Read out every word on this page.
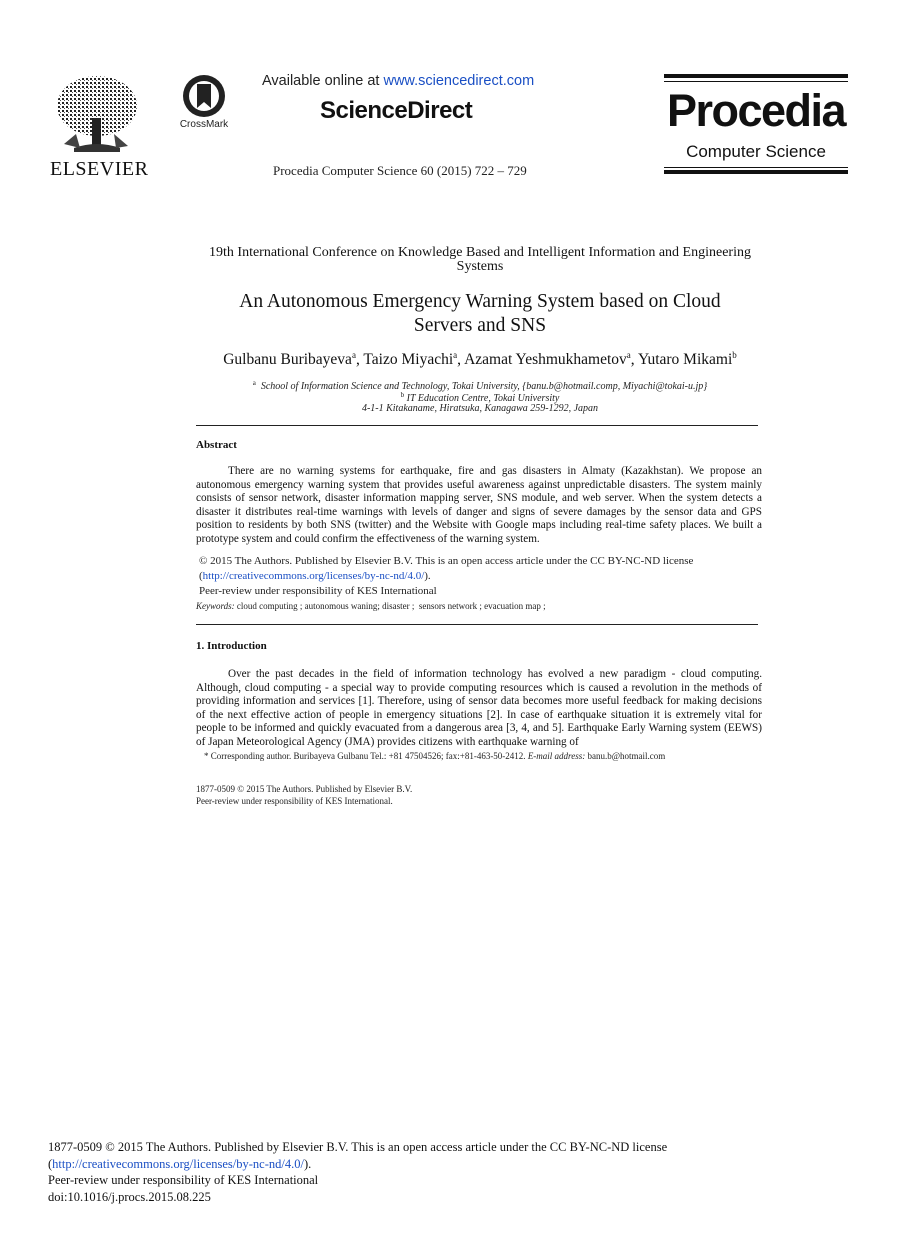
ELSEVIER
CrossMark
Available online at www.sciencedirect.com
ScienceDirect
Procedia Computer Science 60 (2015) 722 – 729
Procedia
Computer Science
19th International Conference on Knowledge Based and Intelligent Information and Engineering
Systems
An Autonomous Emergency Warning System based on Cloud
Servers and SNS
Gulbanu Buribayeva$^a$, Taizo Miyachi$^a$, Azamat Yeshmukhametov$^a$, Yutaro Mikami$^b$
$^a$ School of Information Science and Technology, Tokai University, {banu.b@hotmail.comp, Miyachi@tokai-u.jp}
$^b$ IT Education Centre, Tokai University
4-1-1 Kitakaname, Hiratsuka, Kanagawa 259-1292, Japan
Abstract
There are no warning systems for earthquake, fire and gas disasters in Almaty (Kazakhstan). We propose an autonomous emergency warning system that provides useful awareness against unpredictable disasters. The system mainly consists of sensor network, disaster information mapping server, SNS module, and web server. When the system detects a disaster it distributes real-time warnings with levels of danger and signs of severe damages by the sensor data and GPS position to residents by both SNS (twitter) and the Website with Google maps including real-time safety places. We built a prototype system and could confirm the effectiveness of the warning system.
© 2015 The Authors. Published by Elsevier B.V. This is an open access article under the CC BY-NC-ND license
(http://creativecommons.org/licenses/by-nc-nd/4.0/).
Peer-review under responsibility of KES International
Keywords: cloud computing ; autonomous waning; disaster ;  sensors network ; evacuation map ;
1. Introduction
Over the past decades in the field of information technology has evolved a new paradigm - cloud computing. Although, cloud computing - a special way to provide computing resources which is caused a revolution in the methods of providing information and services [1]. Therefore, using of sensor data becomes more useful feedback for making decisions of the next effective action of people in emergency situations [2]. In case of earthquake situation it is extremely vital for people to be informed and quickly evacuated from a dangerous area [3, 4, and 5]. Earthquake Early Warning system (EEWS) of Japan Meteorological Agency (JMA) provides citizens with earthquake warning of
* Corresponding author. Buribayeva Gulbanu Tel.: +81 47504526; fax:+81-463-50-2412. E-mail address: banu.b@hotmail.com
1877-0509 © 2015 The Authors. Published by Elsevier B.V.
Peer-review under responsibility of KES International.
1877-0509 © 2015 The Authors. Published by Elsevier B.V. This is an open access article under the CC BY-NC-ND license
(http://creativecommons.org/licenses/by-nc-nd/4.0/).
Peer-review under responsibility of KES International
doi:10.1016/j.procs.2015.08.225
